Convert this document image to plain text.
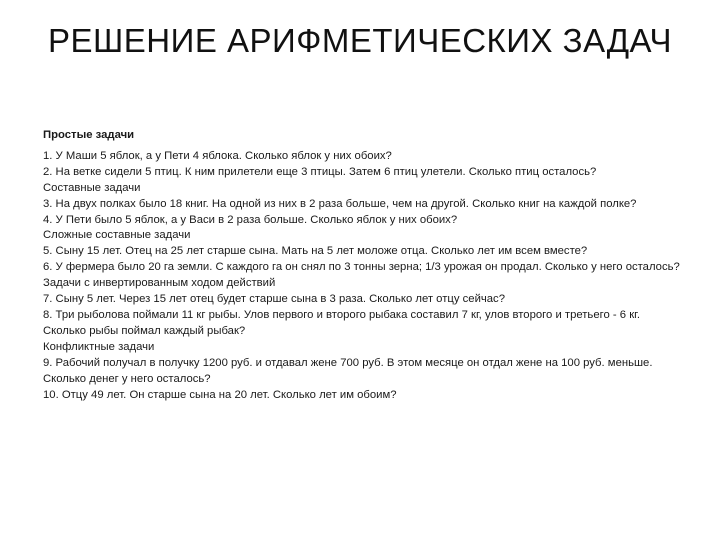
РЕШЕНИЕ АРИФМЕТИЧЕСКИХ ЗАДАЧ
Простые задачи
1. У Маши 5 яблок, а у Пети 4 яблока. Сколько яблок у них обоих?
2. На ветке сидели 5 птиц. К ним прилетели еще 3 птицы. Затем 6 птиц улетели. Сколько птиц осталось?
Составные задачи
3. На двух полках было 18 книг. На одной из них в 2 раза больше, чем на другой. Сколько книг на каждой полке?
4. У Пети было 5 яблок, а у Васи в 2 раза больше. Сколько яблок у них обоих?
Сложные составные задачи
5. Сыну 15 лет. Отец на 25 лет старше сына. Мать на 5 лет моложе отца. Сколько лет им всем вместе?
6. У фермера было 20 га земли. С каждого га он снял по 3 тонны зерна; 1/3 урожая он продал. Сколько у него осталось?
Задачи с инвертированным ходом действий
7. Сыну 5 лет. Через 15 лет отец будет старше сына в 3 раза. Сколько лет отцу сейчас?
8. Три рыболова поймали 11 кг рыбы. Улов первого и второго рыбака составил 7 кг, улов второго и третьего - 6 кг. Сколько рыбы поймал каждый рыбак?
Конфликтные задачи
9. Рабочий получал в получку 1200 руб. и отдавал жене 700 руб. В этом месяце он отдал жене на 100 руб. меньше. Сколько денег у него осталось?
10. Отцу 49 лет. Он старше сына на 20 лет. Сколько лет им обоим?
